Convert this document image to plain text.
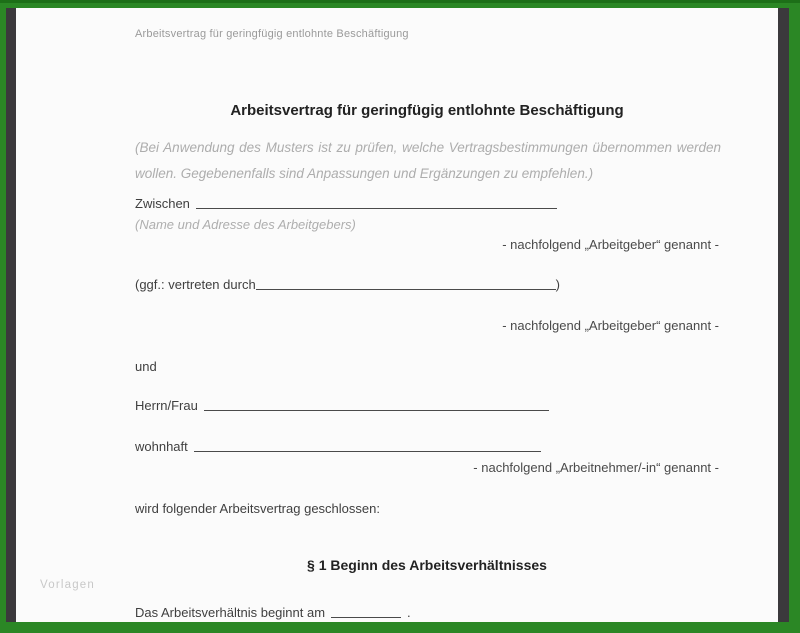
Arbeitsvertrag für geringfügig entlohnte Beschäftigung
Arbeitsvertrag für geringfügig entlohnte Beschäftigung
(Bei Anwendung des Musters ist zu prüfen, welche Vertragsbestimmungen übernommen werden wollen. Gegebenenfalls sind Anpassungen und Ergänzungen zu empfehlen.)
Zwischen
(Name und Adresse des Arbeitgebers)
- nachfolgend „Arbeitgeber“ genannt -
(ggf.: vertreten durch	)
- nachfolgend „Arbeitgeber“ genannt -
und
Herrn/Frau
wohnhaft
- nachfolgend „Arbeitnehmer/-in“ genannt -
wird folgender Arbeitsvertrag geschlossen:
§ 1 Beginn des Arbeitsverhältnisses
Das Arbeitsverhältnis beginnt am	.
Vorlagen
